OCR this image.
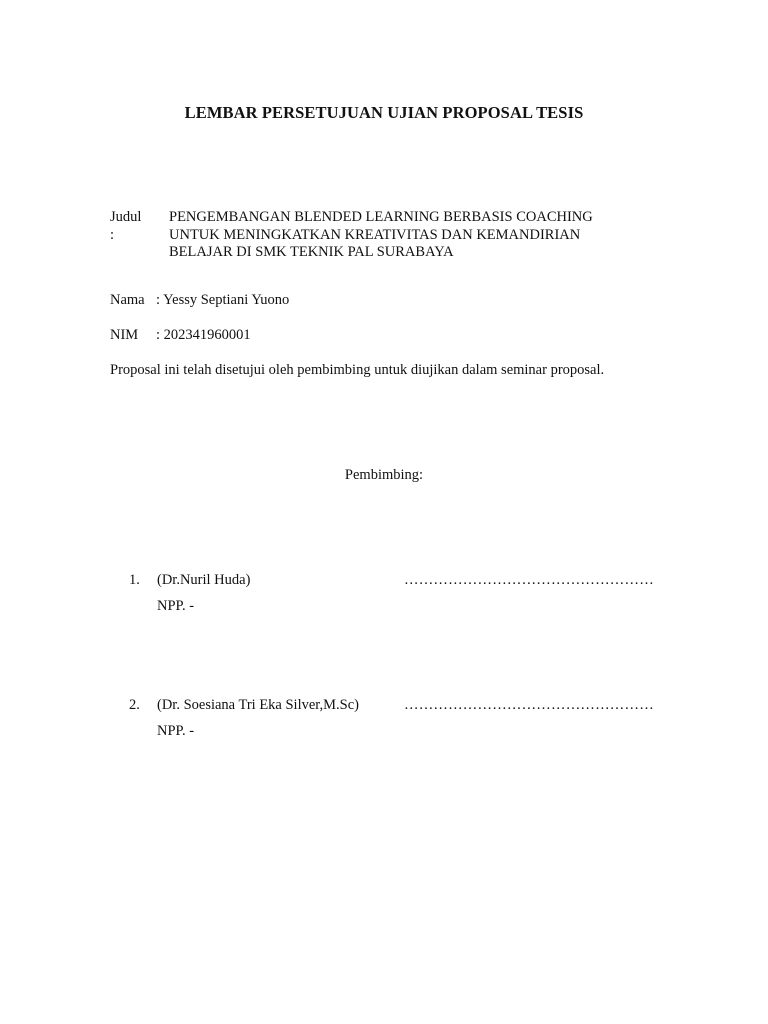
LEMBAR PERSETUJUAN UJIAN PROPOSAL TESIS
Judul
:
PENGEMBANGAN BLENDED LEARNING BERBASIS COACHING
UNTUK MENINGKATKAN KREATIVITAS DAN KEMANDIRIAN
BELAJAR DI SMK TEKNIK PAL SURABAYA
Nama : Yessy Septiani Yuono
NIM : 202341960001
Proposal ini telah disetujui oleh pembimbing untuk diujikan dalam seminar proposal.
Pembimbing:
1. (Dr.Nuril Huda)	……………………………………………
NPP. -
2. (Dr. Soesiana Tri Eka Silver,M.Sc)	……………………………………………
NPP. -
